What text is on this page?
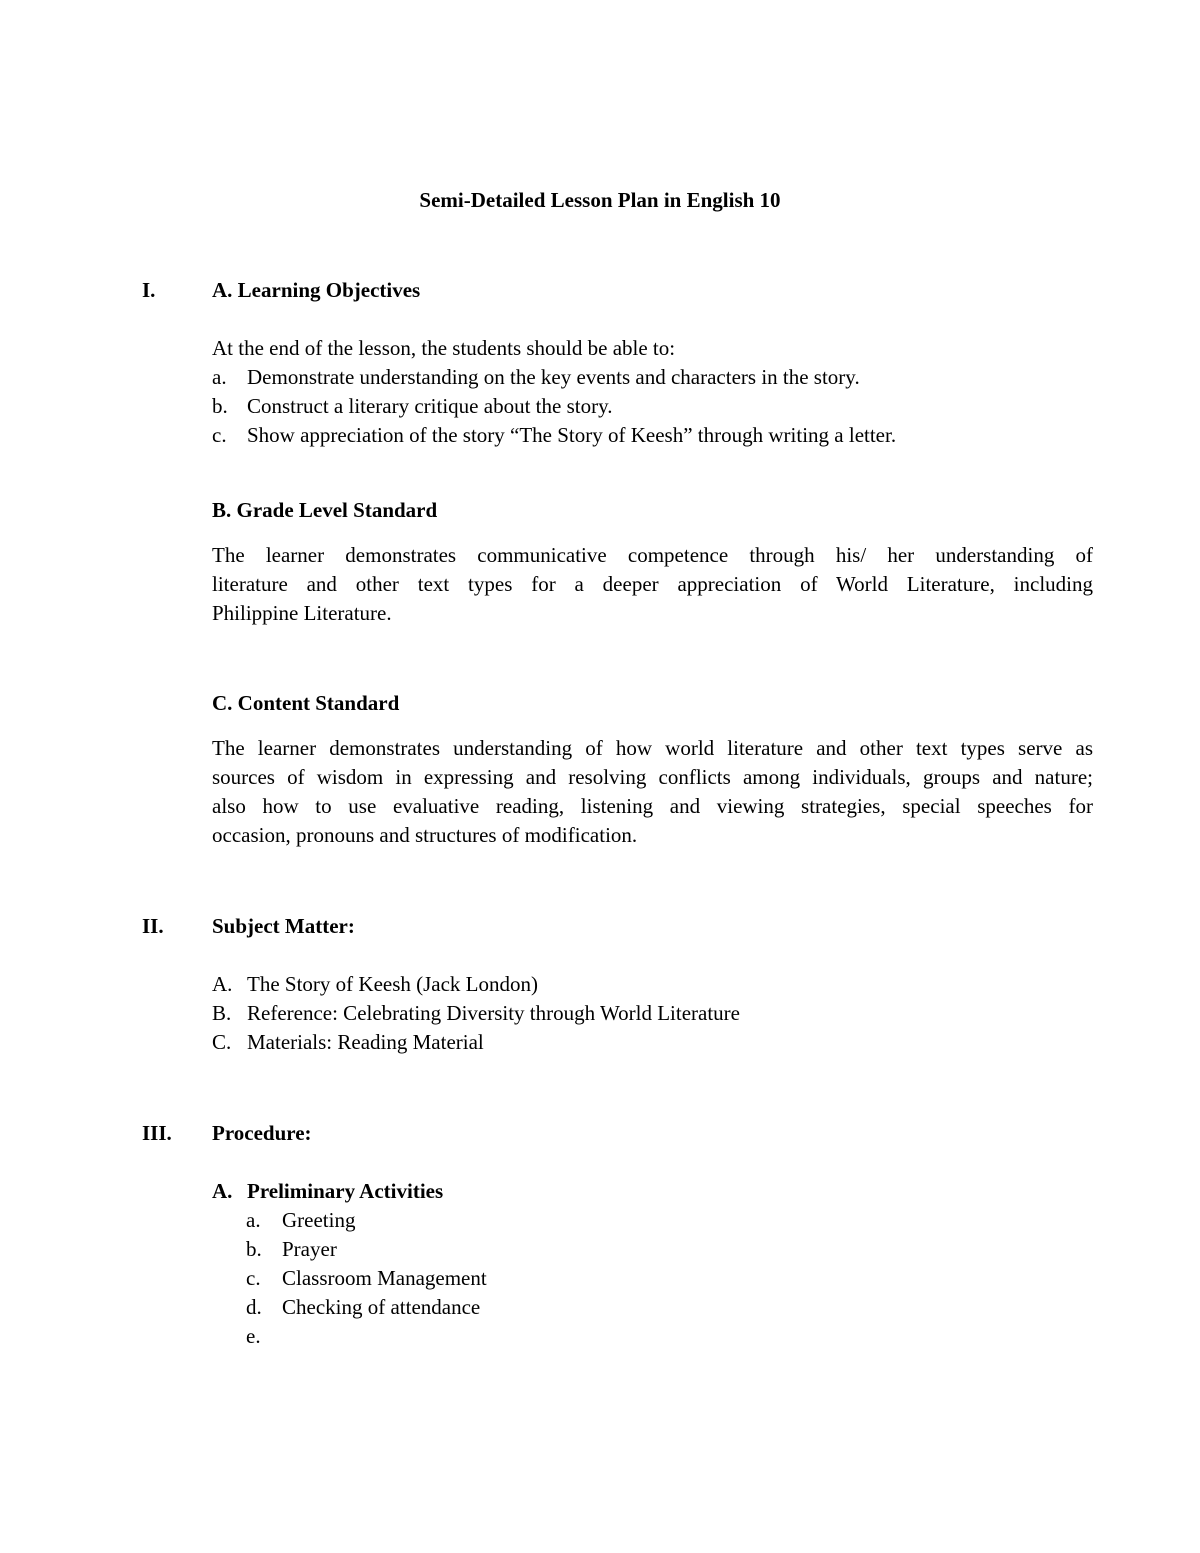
Semi-Detailed Lesson Plan in English 10
I.	A. Learning Objectives
At the end of the lesson, the students should be able to:
a. Demonstrate understanding on the key events and characters in the story.
b. Construct a literary critique about the story.
c. Show appreciation of the story “The Story of Keesh” through writing a letter.
B. Grade Level Standard
The learner demonstrates communicative competence through his/ her understanding of
literature and other text types for a deeper appreciation of World Literature, including
Philippine Literature.
C. Content Standard
The learner demonstrates understanding of how world literature and other text types serve as
sources of wisdom in expressing and resolving conflicts among individuals, groups and nature;
also how to use evaluative reading, listening and viewing strategies, special speeches for
occasion, pronouns and structures of modification.
II. Subject Matter:
A. The Story of Keesh (Jack London)
B. Reference: Celebrating Diversity through World Literature
C. Materials: Reading Material
III. Procedure:
A. Preliminary Activities
a.	Greeting
b. Prayer
c.	Classroom Management
d. Checking of attendance
e.
